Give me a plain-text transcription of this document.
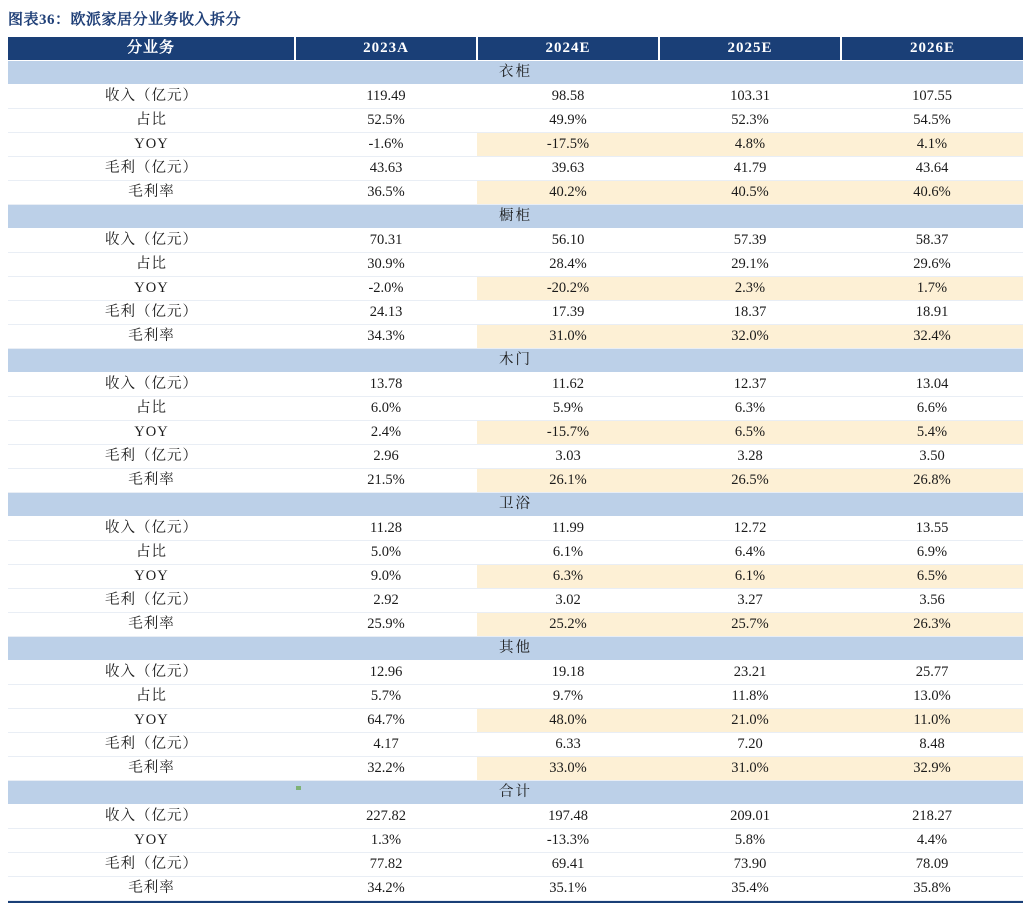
图表36：欧派家居分业务收入拆分
分业务	2023A	2024E	2025E	2026E
衣柜				
收入（亿元）	119.49	98.58	103.31	107.55
占比	52.5%	49.9%	52.3%	54.5%
YOY	-1.6%	-17.5%	4.8%	4.1%
毛利（亿元）	43.63	39.63	41.79	43.64
毛利率	36.5%	40.2%	40.5%	40.6%
橱柜				
收入（亿元）	70.31	56.10	57.39	58.37
占比	30.9%	28.4%	29.1%	29.6%
YOY	-2.0%	-20.2%	2.3%	1.7%
毛利（亿元）	24.13	17.39	18.37	18.91
毛利率	34.3%	31.0%	32.0%	32.4%
木门				
收入（亿元）	13.78	11.62	12.37	13.04
占比	6.0%	5.9%	6.3%	6.6%
YOY	2.4%	-15.7%	6.5%	5.4%
毛利（亿元）	2.96	3.03	3.28	3.50
毛利率	21.5%	26.1%	26.5%	26.8%
卫浴				
收入（亿元）	11.28	11.99	12.72	13.55
占比	5.0%	6.1%	6.4%	6.9%
YOY	9.0%	6.3%	6.1%	6.5%
毛利（亿元）	2.92	3.02	3.27	3.56
毛利率	25.9%	25.2%	25.7%	26.3%
其他				
收入（亿元）	12.96	19.18	23.21	25.77
占比	5.7%	9.7%	11.8%	13.0%
YOY	64.7%	48.0%	21.0%	11.0%
毛利（亿元）	4.17	6.33	7.20	8.48
毛利率	32.2%	33.0%	31.0%	32.9%
合计				
收入（亿元）	227.82	197.48	209.01	218.27
YOY	1.3%	-13.3%	5.8%	4.4%
毛利（亿元）	77.82	69.41	73.90	78.09
毛利率	34.2%	35.1%	35.4%	35.8%
